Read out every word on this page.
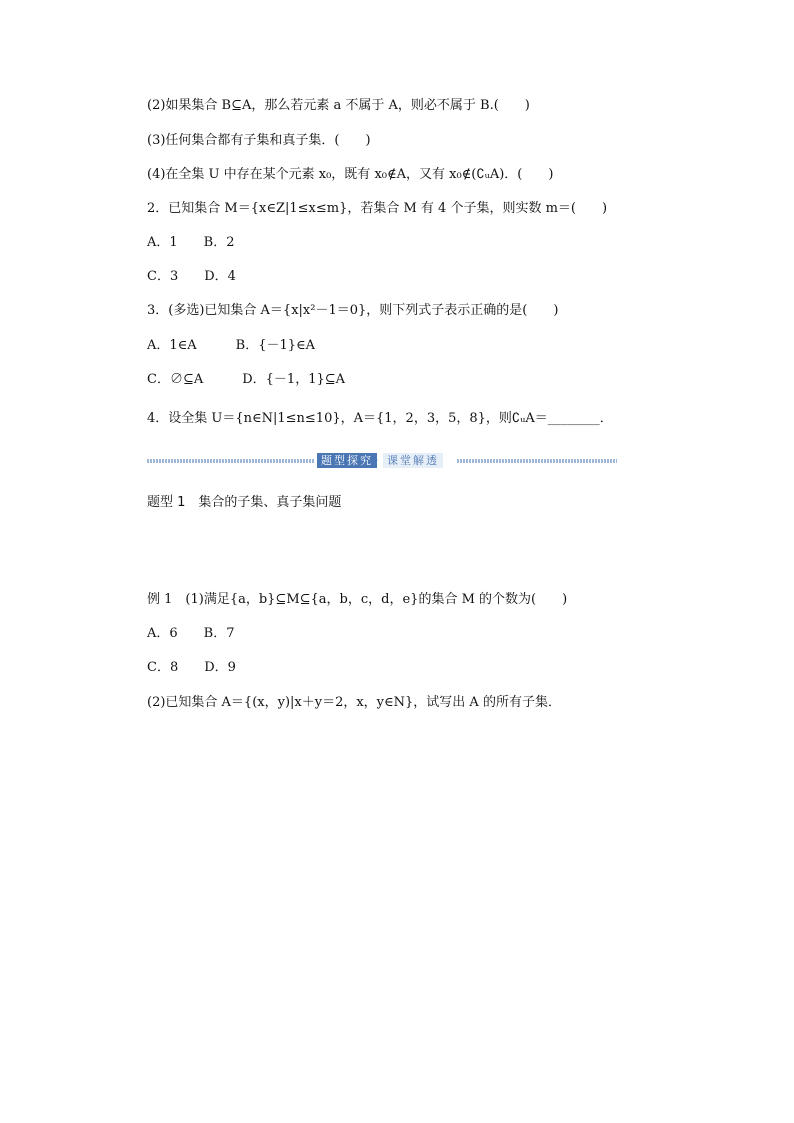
(2)如果集合 B⊆A，那么若元素 a 不属于 A，则必不属于 B.(　　)
(3)任何集合都有子集和真子集．(　　)
(4)在全集 U 中存在某个元素 x₀，既有 x₀∉A，又有 x₀∉(∁ᵤA)．(　　)
2．已知集合 M＝{x∈Z|1≤x≤m}，若集合 M 有 4 个子集，则实数 m＝(　　)
A．1　　B．2
C．3　　D．4
3．(多选)已知集合 A＝{x|x²－1＝0}，则下列式子表示正确的是(　　)
A．1∈A　　　B．{－1}∈A
C．∅⊆A　　　D．{－1，1}⊆A
4．设全集 U＝{n∈N|1≤n≤10}，A＝{1，2，3，5，8}，则∁ᵤA＝________．
题型探究 · 课堂解透
题型 1　集合的子集、真子集问题
例 1　(1)满足{a，b}⊆M⊆{a，b，c，d，e}的集合 M 的个数为(　　)
A．6　　B．7
C．8　　D．9
(2)已知集合 A＝{(x，y)|x＋y＝2，x，y∈N}，试写出 A 的所有子集．
